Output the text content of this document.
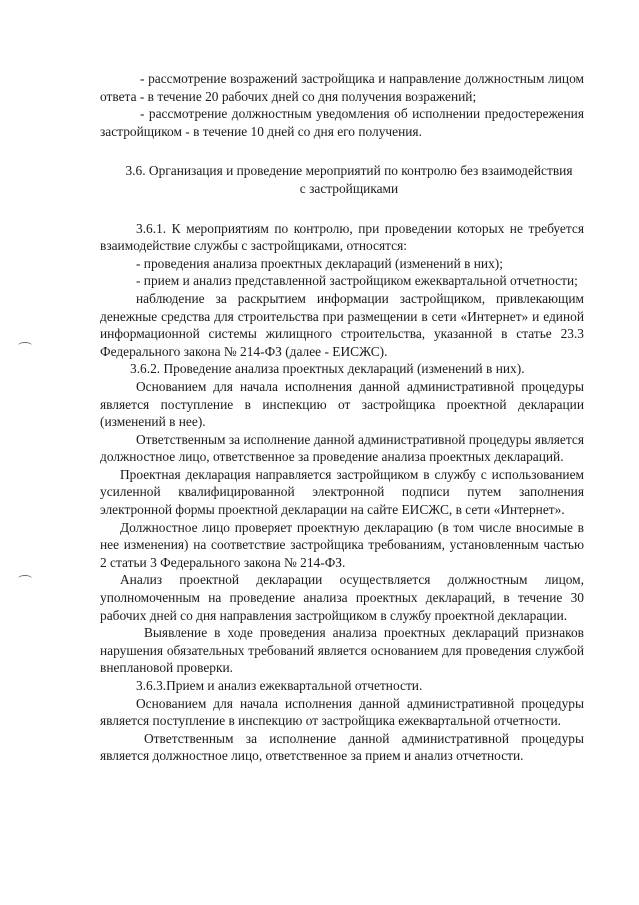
- рассмотрение возражений застройщика и направление должностным лицом ответа - в течение 20 рабочих дней со дня получения возражений;

- рассмотрение должностным уведомления об исполнении предостережения застройщиком - в течение 10 дней со дня его получения.

3.6. Организация и проведение мероприятий по контролю без взаимодействия с застройщиками

3.6.1. К мероприятиям по контролю, при проведении которых не требуется взаимодействие службы с застройщиками, относятся:

- проведения анализа проектных деклараций (изменений в них);

- прием и анализ представленной застройщиком ежеквартальной отчетности;

наблюдение за раскрытием информации застройщиком, привлекающим денежные средства для строительства при размещении в сети «Интернет» и единой информационной системы жилищного строительства, указанной в статье 23.3 Федерального закона № 214-ФЗ (далее - ЕИСЖС).

3.6.2. Проведение анализа проектных деклараций (изменений в них).

Основанием для начала исполнения данной административной процедуры является поступление в инспекцию от застройщика проектной декларации (изменений в нее).

Ответственным за исполнение данной административной процедуры является должностное лицо, ответственное за проведение анализа проектных деклараций.

Проектная декларация направляется застройщиком в службу с использованием усиленной квалифицированной электронной подписи путем заполнения электронной формы проектной декларации на сайте ЕИСЖС, в сети «Интернет».

Должностное лицо проверяет проектную декларацию (в том числе вносимые в нее изменения) на соответствие застройщика требованиям, установленным частью 2 статьи 3 Федерального закона № 214-ФЗ.

Анализ проектной декларации осуществляется должностным лицом, уполномоченным на проведение анализа проектных деклараций, в течение 30 рабочих дней со дня направления застройщиком в службу проектной декларации.

Выявление в ходе проведения анализа проектных деклараций признаков нарушения обязательных требований является основанием для проведения службой внеплановой проверки.

3.6.3.Прием и анализ ежеквартальной отчетности.

Основанием для начала исполнения данной административной процедуры является поступление в инспекцию от застройщика ежеквартальной отчетности.

Ответственным за исполнение данной административной процедуры является должностное лицо, ответственное за прием и анализ отчетности.
